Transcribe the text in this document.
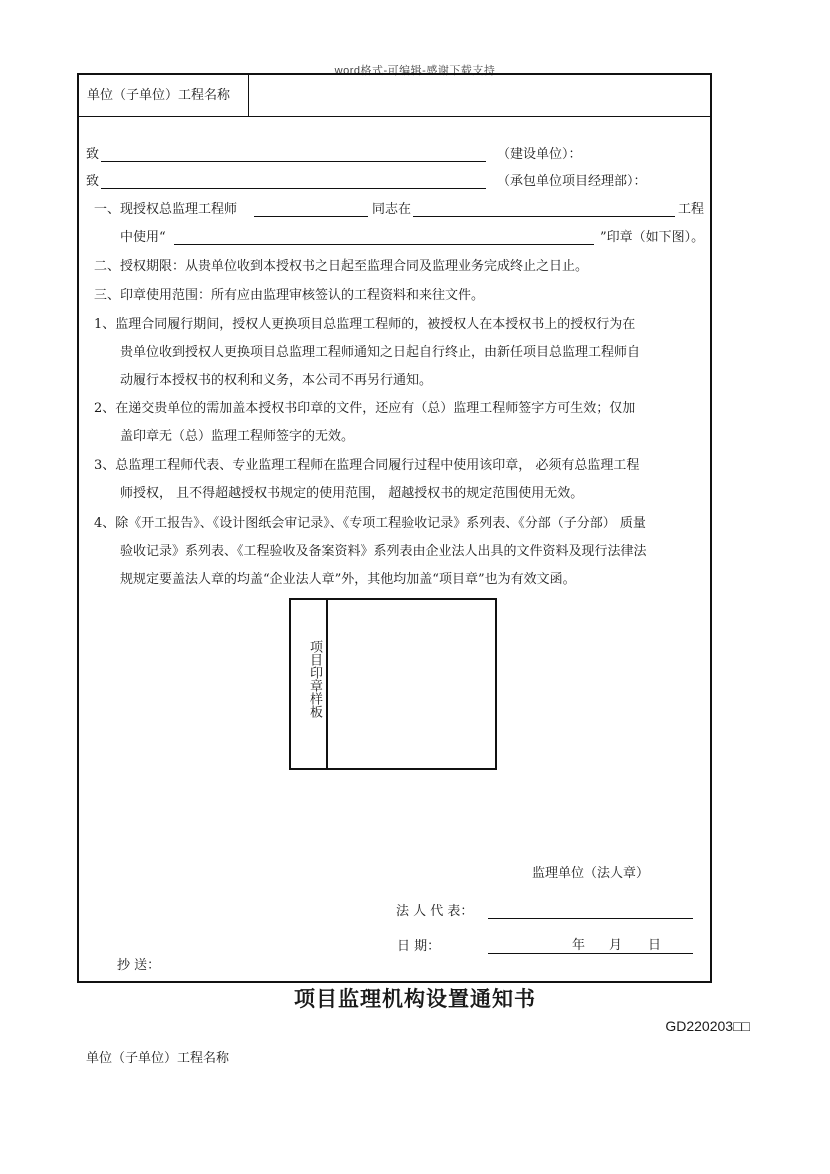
word格式-可编辑-感谢下载支持
单位（子单位）工程名称
致	（建设单位）：
致	（承包单位项目经理部）：
一、现授权总监理工程师	同志在	工程
中使用“	”印章（如下图）。
二、授权期限：从贵单位收到本授权书之日起至监理合同及监理业务完成终止之日止。
三、印章使用范围：所有应由监理审核签认的工程资料和来往文件。
1、监理合同履行期间，授权人更换项目总监理工程师的，被授权人在本授权书上的授权行为在
贵单位收到授权人更换项目总监理工程师通知之日起自行终止，由新任项目总监理工程师自
动履行本授权书的权利和义务，本公司不再另行通知。
2、在递交贵单位的需加盖本授权书印章的文件，还应有（总）监理工程师签字方可生效；仅加
盖印章无（总）监理工程师签字的无效。
3、总监理工程师代表、专业监理工程师在监理合同履行过程中使用该印章， 必须有总监理工程
师授权， 且不得超越授权书规定的使用范围， 超越授权书的规定范围使用无效。
4、除《开工报告》、《设计图纸会审记录》、《专项工程验收记录》系列表、《分部（子分部） 质量
验收记录》系列表、《工程验收及备案资料》系列表由企业法人出具的文件资料及现行法律法
规规定要盖法人章的均盖“企业法人章”外，其他均加盖“项目章”也为有效文函。
项目印章样板
监理单位（法人章）
法 人 代 表：
日 期：	年 月 日
抄 送：
项目监理机构设置通知书
GD220203□□
单位（子单位）工程名称
